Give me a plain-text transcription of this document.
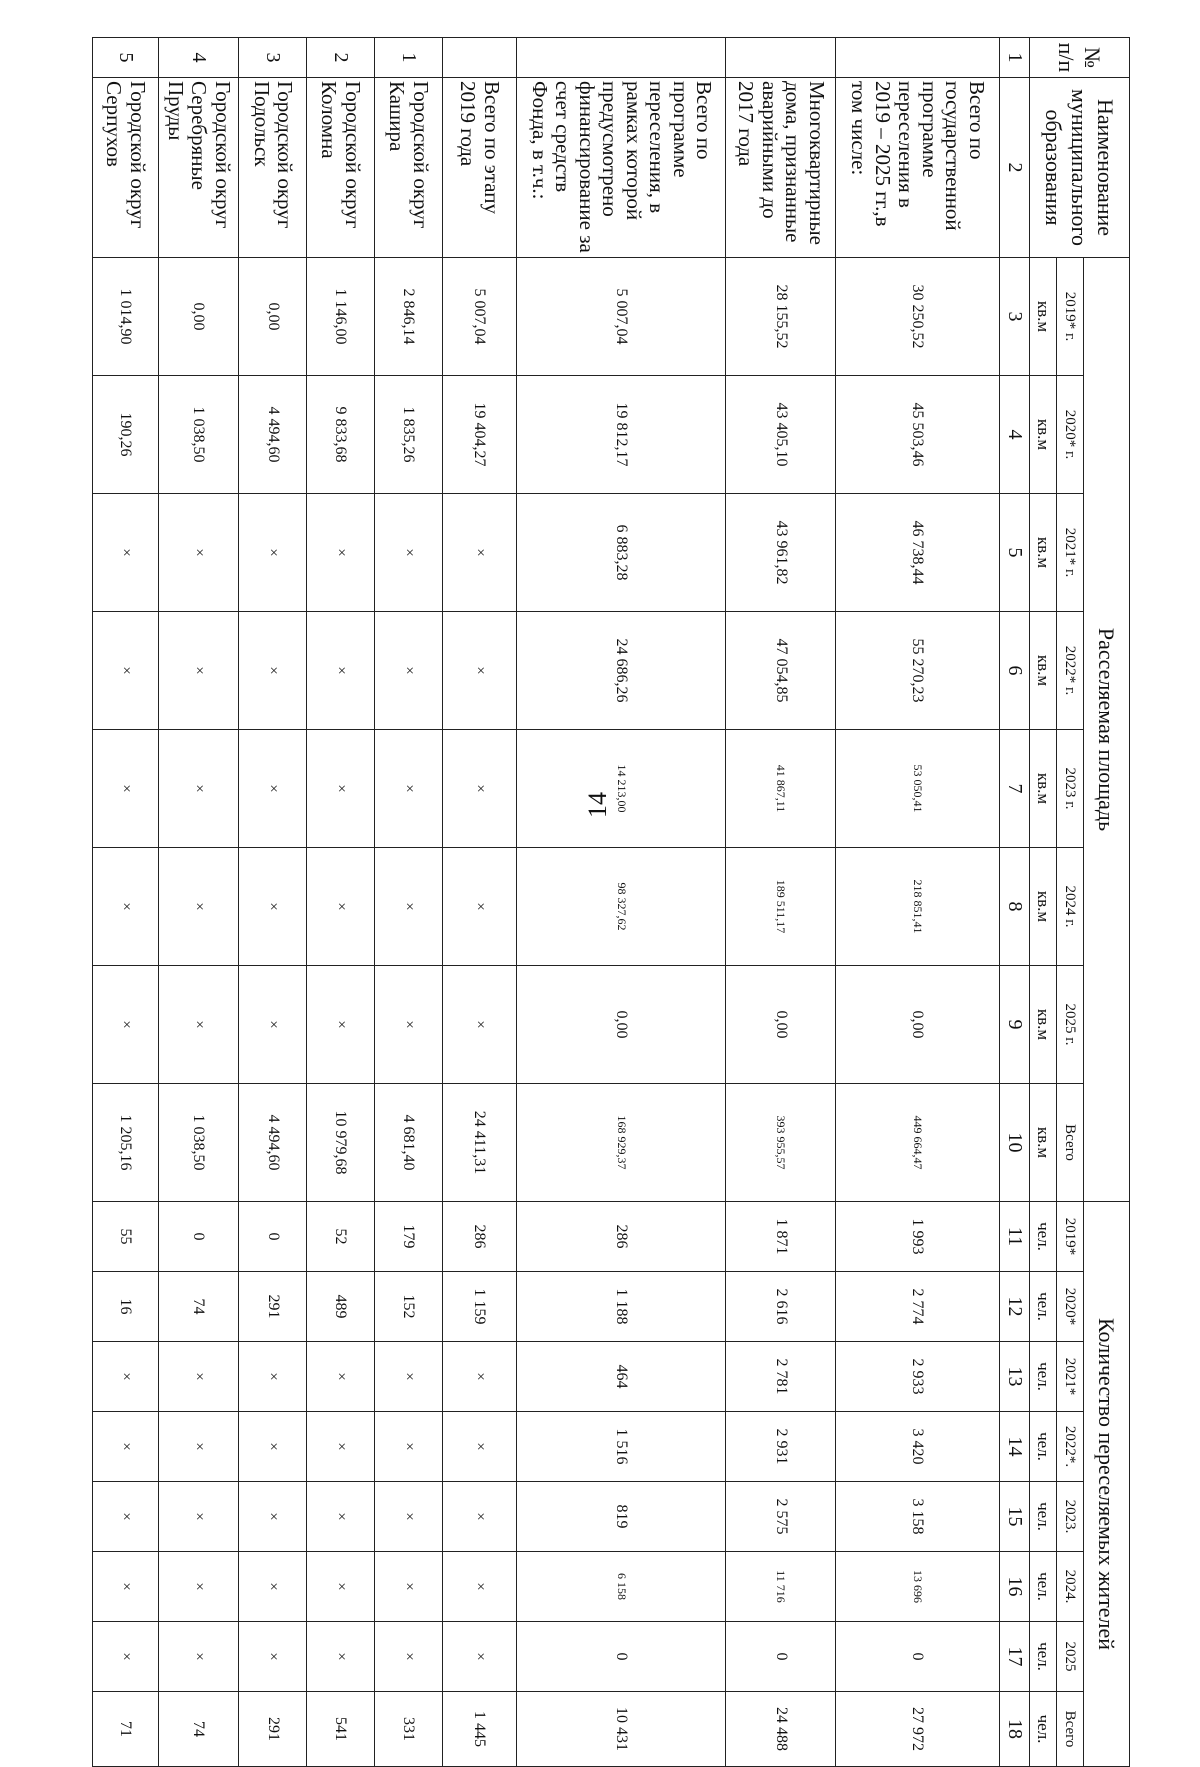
14
№ п/п	Наименование муниципального образования	Расселяемая площадь								Количество переселяемых жителей							
		2019* г.	2020* г.	2021* г.	2022* г.	2023 г.	2024 г.	2025 г.	Всего	2019*	2020*	2021*	2022*.	2023.	2024.	2025	Всего
		кв.м	кв.м	кв.м	кв.м	кв.м	кв.м	кв.м	кв.м	чел.	чел.	чел.	чел.	чел.	чел.	чел.	чел.
1	2	3	4	5	6	7	8	9	10	11	12	13	14	15	16	17	18
	Всего по государственной программе переселения в 2019 – 2025 гг.,в том числе:	30 250,52	45 503,46	46 738,44	55 270,23	53 050,41	218 851,41	0,00	449 664,47	1 993	2 774	2 933	3 420	3 158	13 696	0	27 972
	Многоквартирные дома, признанные аварийными до 2017 года	28 155,52	43 405,10	43 961,82	47 054,85	41 867,11	189 511,17	0,00	393 955,57	1 871	2 616	2 781	2 931	2 575	11 716	0	24 488
	Всего по программе переселения, в рамках которой предусмотрено финансирование за счет средств Фонда, в т.ч.:	5 007,04	19 812,17	6 883,28	24 686,26	14 213,00	98 327,62	0,00	168 929,37	286	1 188	464	1 516	819	6 158	0	10 431
	Всего по этапу 2019 года	5 007,04	19 404,27	×	×	×	×	×	24 411,31	286	1 159	×	×	×	×	×	1 445
1	Городской округ Кашира	2 846,14	1 835,26	×	×	×	×	×	4 681,40	179	152	×	×	×	×	×	331
2	Городской округ Коломна	1 146,00	9 833,68	×	×	×	×	×	10 979,68	52	489	×	×	×	×	×	541
3	Городской округ Подольск	0,00	4 494,60	×	×	×	×	×	4 494,60	0	291	×	×	×	×	×	291
4	Городской округ Серебряные Пруды	0,00	1 038,50	×	×	×	×	×	1 038,50	0	74	×	×	×	×	×	74
5	Городской округ Серпухов	1 014,90	190,26	×	×	×	×	×	1 205,16	55	16	×	×	×	×	×	71
